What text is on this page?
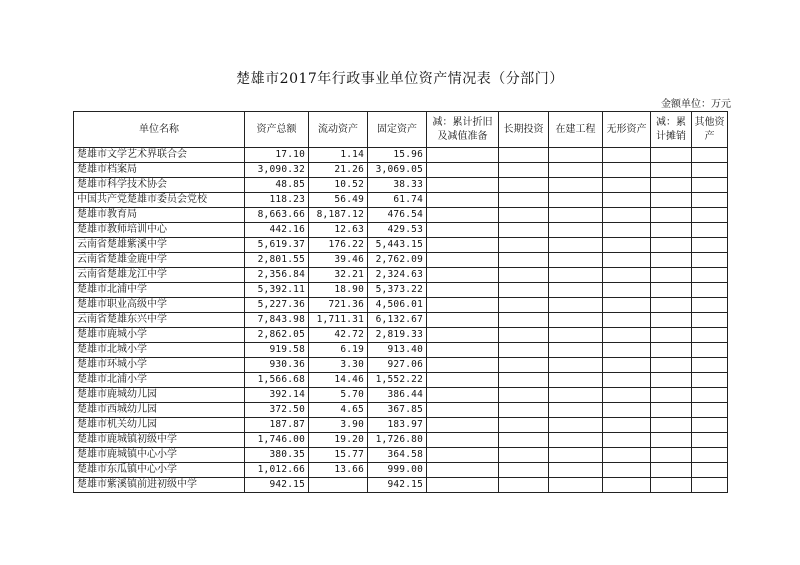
楚雄市2017年行政事业单位资产情况表（分部门）
金额单位：万元
单位名称	资产总额	流动资产	固定资产	减：累计折旧及减值准备	长期投资	在建工程	无形资产	减：累计摊销	其他资产
楚雄市文学艺术界联合会	17.10	1.14	15.96						
楚雄市档案局	3,090.32	21.26	3,069.05						
楚雄市科学技术协会	48.85	10.52	38.33						
中国共产党楚雄市委员会党校	118.23	56.49	61.74						
楚雄市教育局	8,663.66	8,187.12	476.54						
楚雄市教师培训中心	442.16	12.63	429.53						
云南省楚雄紫溪中学	5,619.37	176.22	5,443.15						
云南省楚雄金鹿中学	2,801.55	39.46	2,762.09						
云南省楚雄龙江中学	2,356.84	32.21	2,324.63						
楚雄市北浦中学	5,392.11	18.90	5,373.22						
楚雄市职业高级中学	5,227.36	721.36	4,506.01						
云南省楚雄东兴中学	7,843.98	1,711.31	6,132.67						
楚雄市鹿城小学	2,862.05	42.72	2,819.33						
楚雄市北城小学	919.58	6.19	913.40						
楚雄市环城小学	930.36	3.30	927.06						
楚雄市北浦小学	1,566.68	14.46	1,552.22						
楚雄市鹿城幼儿园	392.14	5.70	386.44						
楚雄市西城幼儿园	372.50	4.65	367.85						
楚雄市机关幼儿园	187.87	3.90	183.97						
楚雄市鹿城镇初级中学	1,746.00	19.20	1,726.80						
楚雄市鹿城镇中心小学	380.35	15.77	364.58						
楚雄市东瓜镇中心小学	1,012.66	13.66	999.00						
楚雄市紫溪镇前进初级中学	942.15		942.15						
